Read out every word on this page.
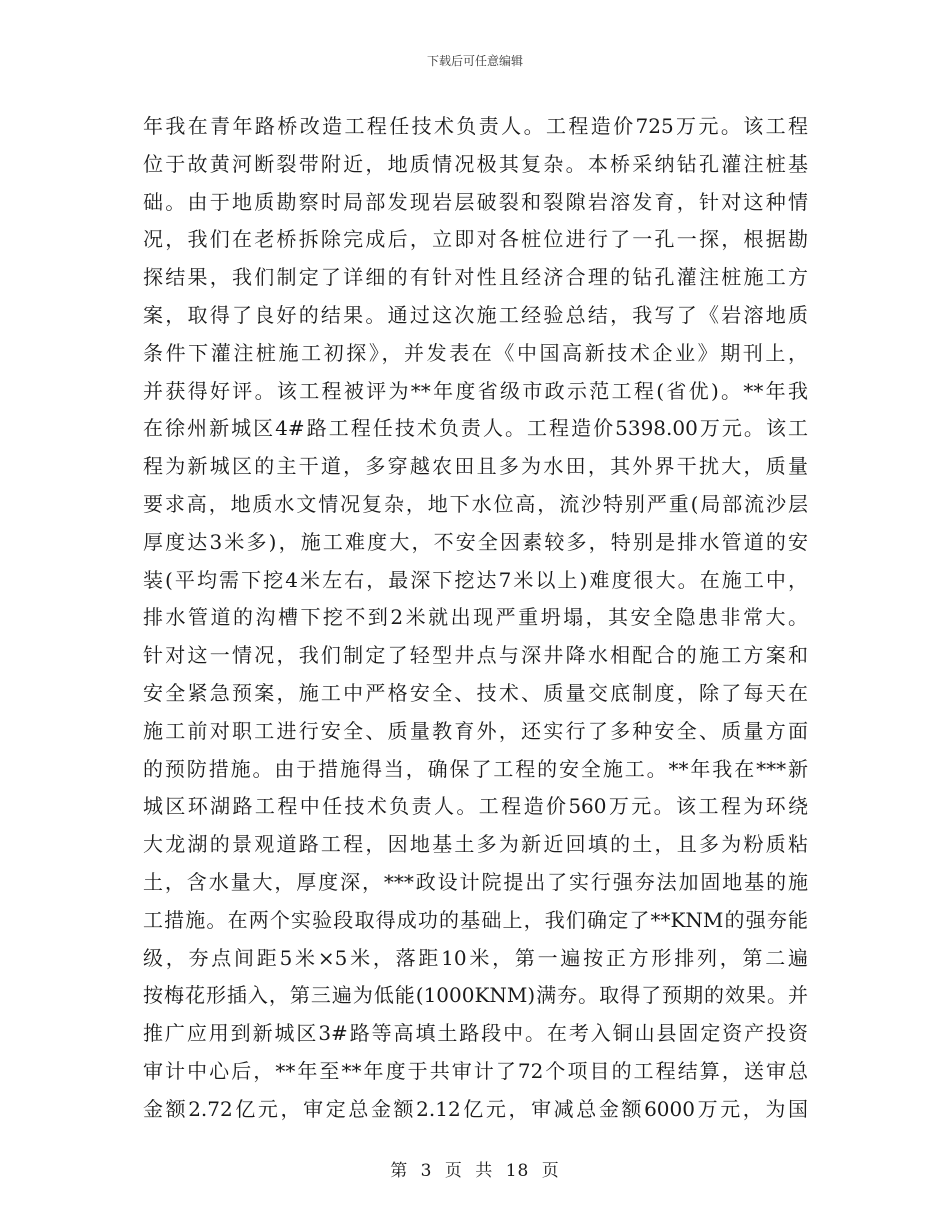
下载后可任意编辑
年我在青年路桥改造工程任技术负责人。工程造价725万元。该工程
位于故黄河断裂带附近，地质情况极其复杂。本桥采纳钻孔灌注桩基
础。由于地质勘察时局部发现岩层破裂和裂隙岩溶发育，针对这种情
况，我们在老桥拆除完成后，立即对各桩位进行了一孔一探，根据勘
探结果，我们制定了详细的有针对性且经济合理的钻孔灌注桩施工方
案，取得了良好的结果。通过这次施工经验总结，我写了《岩溶地质
条件下灌注桩施工初探》，并发表在《中国高新技术企业》期刊上，
并获得好评。该工程被评为**年度省级市政示范工程(省优)。**年我
在徐州新城区4#路工程任技术负责人。工程造价5398.00万元。该工
程为新城区的主干道，多穿越农田且多为水田，其外界干扰大，质量
要求高，地质水文情况复杂，地下水位高，流沙特别严重(局部流沙层
厚度达3米多)，施工难度大，不安全因素较多，特别是排水管道的安
装(平均需下挖4米左右，最深下挖达7米以上)难度很大。在施工中，
排水管道的沟槽下挖不到2米就出现严重坍塌，其安全隐患非常大。
针对这一情况，我们制定了轻型井点与深井降水相配合的施工方案和
安全紧急预案，施工中严格安全、技术、质量交底制度，除了每天在
施工前对职工进行安全、质量教育外，还实行了多种安全、质量方面
的预防措施。由于措施得当，确保了工程的安全施工。**年我在***新
城区环湖路工程中任技术负责人。工程造价560万元。该工程为环绕
大龙湖的景观道路工程，因地基土多为新近回填的土，且多为粉质粘
土，含水量大，厚度深，***政设计院提出了实行强夯法加固地基的施
工措施。在两个实验段取得成功的基础上，我们确定了**KNM的强夯能
级，夯点间距5米×5米，落距10米，第一遍按正方形排列，第二遍
按梅花形插入，第三遍为低能(1000KNM)满夯。取得了预期的效果。并
推广应用到新城区3#路等高填土路段中。在考入铜山县固定资产投资
审计中心后，**年至**年度于共审计了72个项目的工程结算，送审总
金额2.72亿元，审定总金额2.12亿元，审减总金额6000万元，为国
第 3 页 共 18 页
